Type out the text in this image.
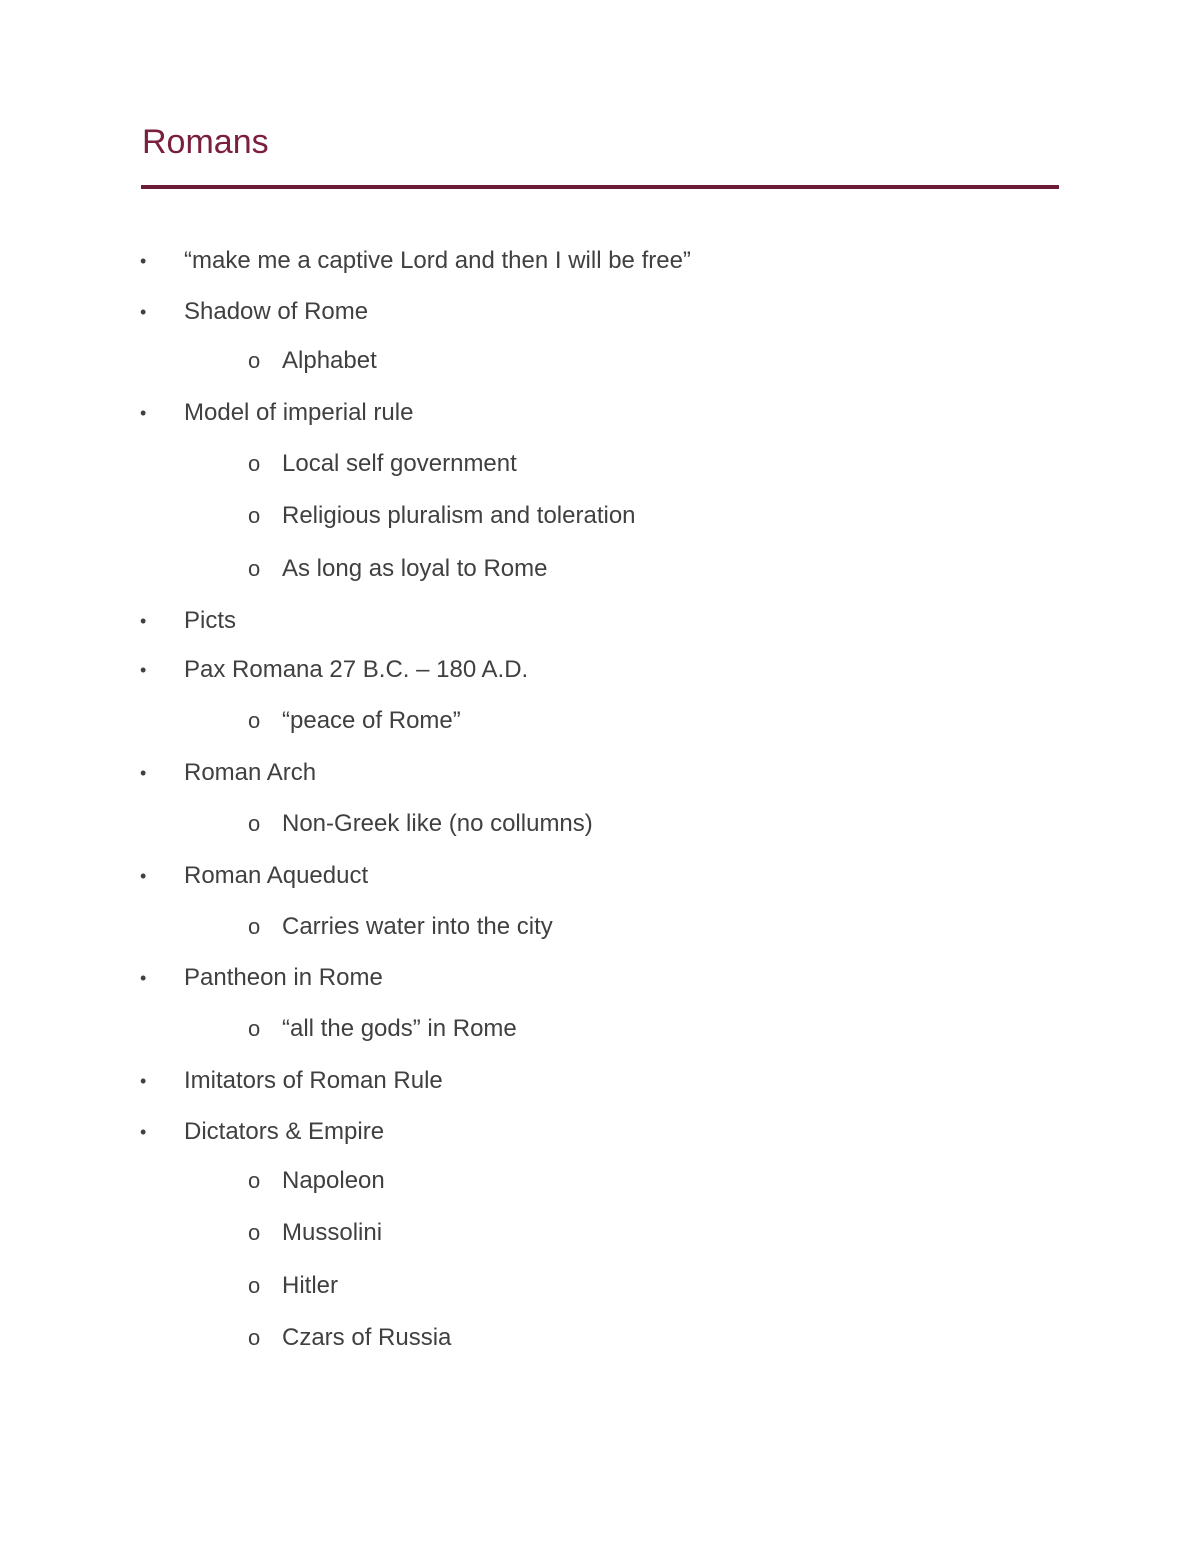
Romans
• “make me a captive Lord and then I will be free”
• Shadow of Rome
o Alphabet
• Model of imperial rule
o Local self government
o Religious pluralism and toleration
o As long as loyal to Rome
• Picts
• Pax Romana 27 B.C. – 180 A.D.
o “peace of Rome”
• Roman Arch
o Non-Greek like (no collumns)
• Roman Aqueduct
o Carries water into the city
• Pantheon in Rome
o “all the gods” in Rome
• Imitators of Roman Rule
• Dictators & Empire
o Napoleon
o Mussolini
o Hitler
o Czars of Russia
